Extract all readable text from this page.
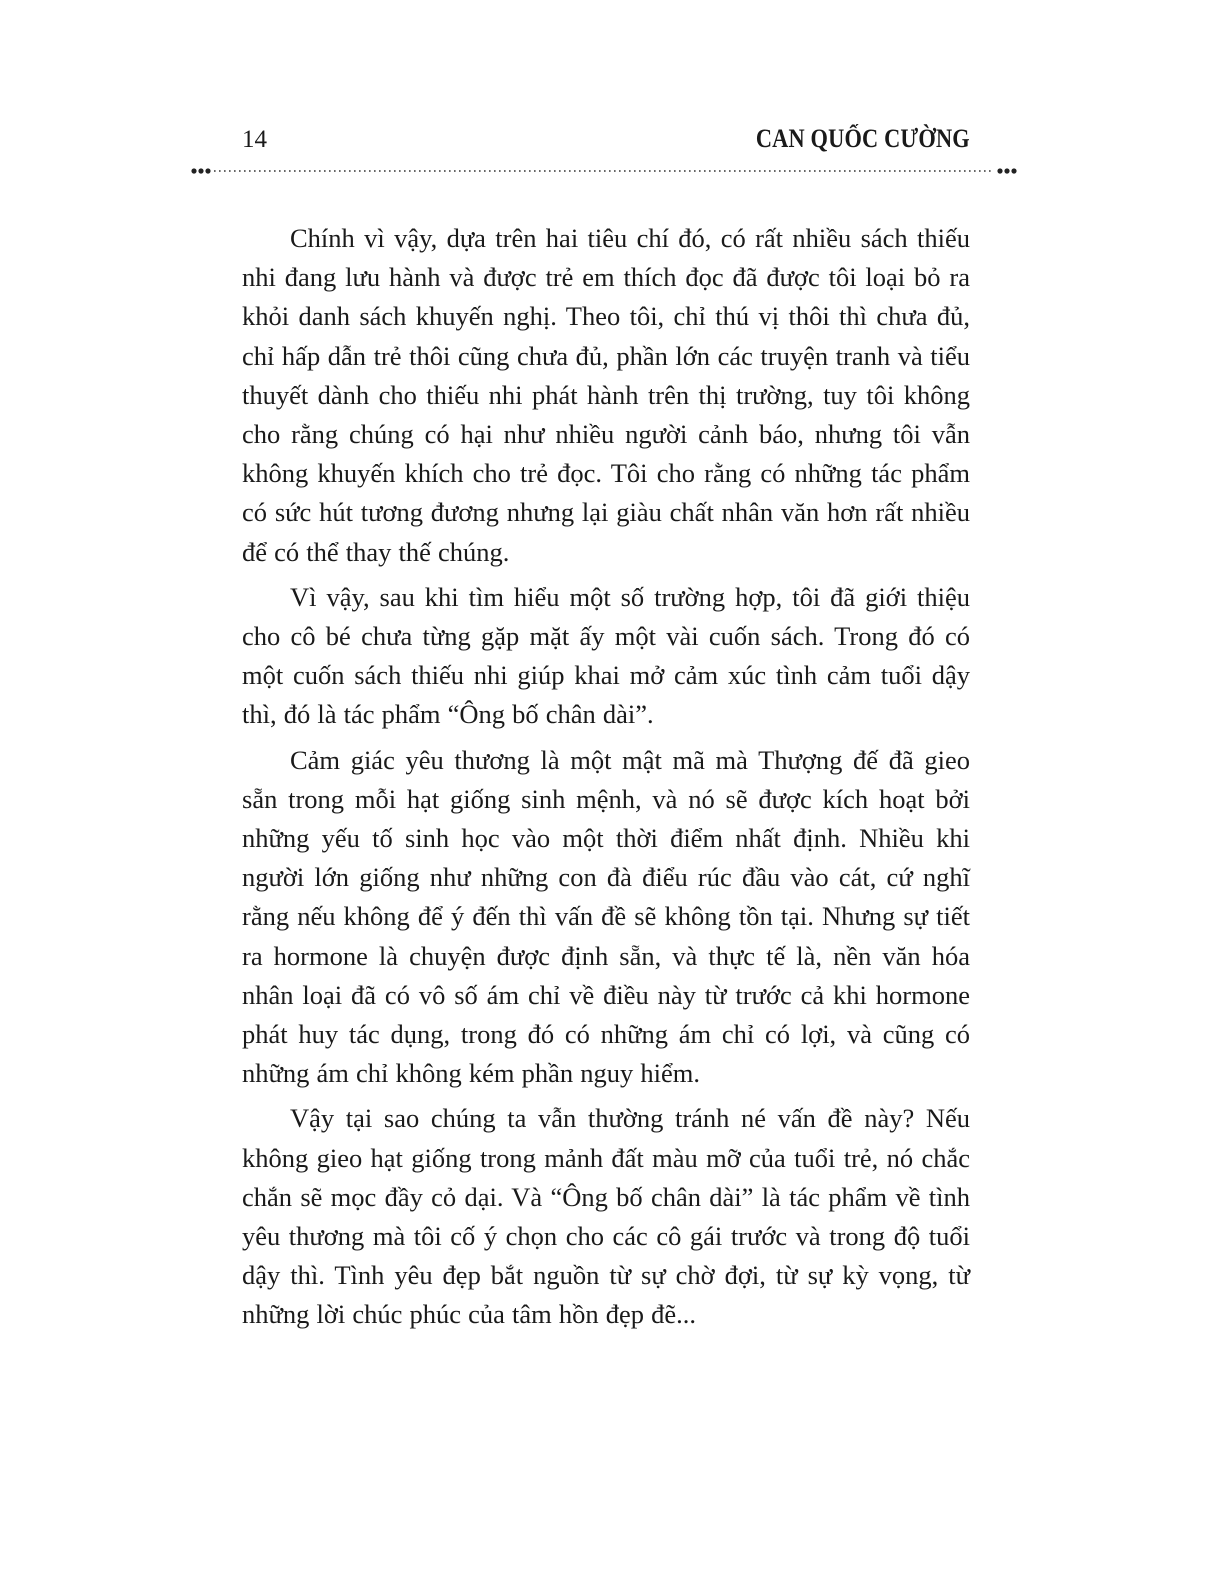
14	CAN QUỐC CƯỜNG

Chính vì vậy, dựa trên hai tiêu chí đó, có rất nhiều sách thiếu nhi đang lưu hành và được trẻ em thích đọc đã được tôi loại bỏ ra khỏi danh sách khuyến nghị. Theo tôi, chỉ thú vị thôi thì chưa đủ, chỉ hấp dẫn trẻ thôi cũng chưa đủ, phần lớn các truyện tranh và tiểu thuyết dành cho thiếu nhi phát hành trên thị trường, tuy tôi không cho rằng chúng có hại như nhiều người cảnh báo, nhưng tôi vẫn không khuyến khích cho trẻ đọc. Tôi cho rằng có những tác phẩm có sức hút tương đương nhưng lại giàu chất nhân văn hơn rất nhiều để có thể thay thế chúng.

Vì vậy, sau khi tìm hiểu một số trường hợp, tôi đã giới thiệu cho cô bé chưa từng gặp mặt ấy một vài cuốn sách. Trong đó có một cuốn sách thiếu nhi giúp khai mở cảm xúc tình cảm tuổi dậy thì, đó là tác phẩm “Ông bố chân dài”.

Cảm giác yêu thương là một mật mã mà Thượng đế đã gieo sẵn trong mỗi hạt giống sinh mệnh, và nó sẽ được kích hoạt bởi những yếu tố sinh học vào một thời điểm nhất định. Nhiều khi người lớn giống như những con đà điểu rúc đầu vào cát, cứ nghĩ rằng nếu không để ý đến thì vấn đề sẽ không tồn tại. Nhưng sự tiết ra hormone là chuyện được định sẵn, và thực tế là, nền văn hóa nhân loại đã có vô số ám chỉ về điều này từ trước cả khi hormone phát huy tác dụng, trong đó có những ám chỉ có lợi, và cũng có những ám chỉ không kém phần nguy hiểm.

Vậy tại sao chúng ta vẫn thường tránh né vấn đề này? Nếu không gieo hạt giống trong mảnh đất màu mỡ của tuổi trẻ, nó chắc chắn sẽ mọc đầy cỏ dại. Và “Ông bố chân dài” là tác phẩm về tình yêu thương mà tôi cố ý chọn cho các cô gái trước và trong độ tuổi dậy thì. Tình yêu đẹp bắt nguồn từ sự chờ đợi, từ sự kỳ vọng, từ những lời chúc phúc của tâm hồn đẹp đẽ...
